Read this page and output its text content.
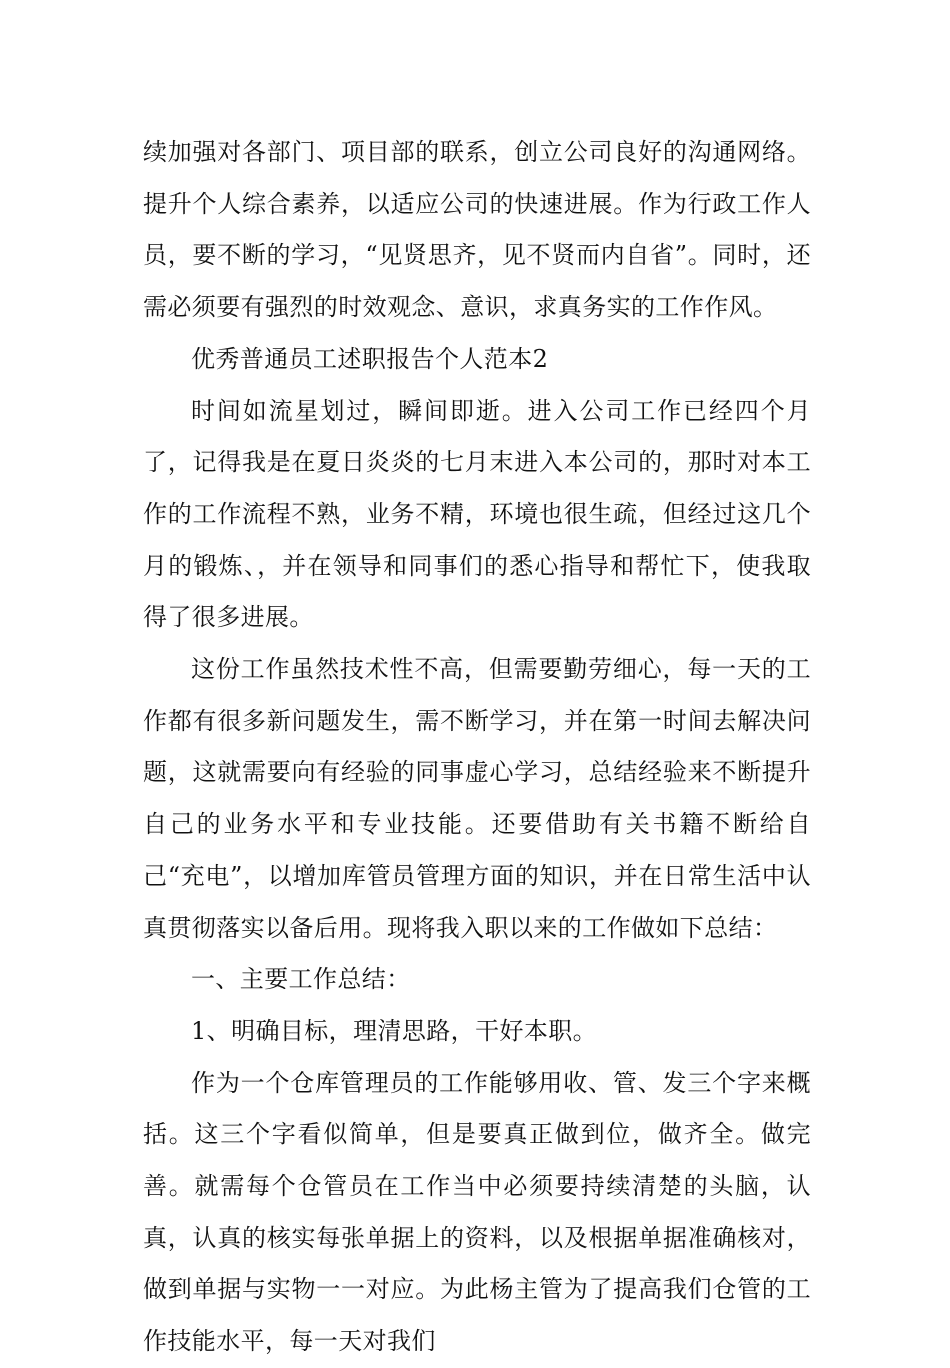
续加强对各部门、项目部的联系，创立公司良好的沟通网络。提升个人综合素养，以适应公司的快速进展。作为行政工作人员，要不断的学习，“见贤思齐，见不贤而内自省”。同时，还需必须要有强烈的时效观念、意识，求真务实的工作作风。

优秀普通员工述职报告个人范本2

时间如流星划过，瞬间即逝。进入公司工作已经四个月了，记得我是在夏日炎炎的七月末进入本公司的，那时对本工作的工作流程不熟，业务不精，环境也很生疏，但经过这几个月的锻炼、，并在领导和同事们的悉心指导和帮忙下，使我取得了很多进展。

这份工作虽然技术性不高，但需要勤劳细心，每一天的工作都有很多新问题发生，需不断学习，并在第一时间去解决问题，这就需要向有经验的同事虚心学习，总结经验来不断提升自己的业务水平和专业技能。还要借助有关书籍不断给自己“充电”，以增加库管员管理方面的知识，并在日常生活中认真贯彻落实以备后用。现将我入职以来的工作做如下总结：

一、主要工作总结：

1、明确目标，理清思路，干好本职。

作为一个仓库管理员的工作能够用收、管、发三个字来概括。这三个字看似简单，但是要真正做到位，做齐全。做完善。就需每个仓管员在工作当中必须要持续清楚的头脑，认真，认真的核实每张单据上的资料，以及根据单据准确核对，做到单据与实物一一对应。为此杨主管为了提高我们仓管的工作技能水平，每一天对我们
